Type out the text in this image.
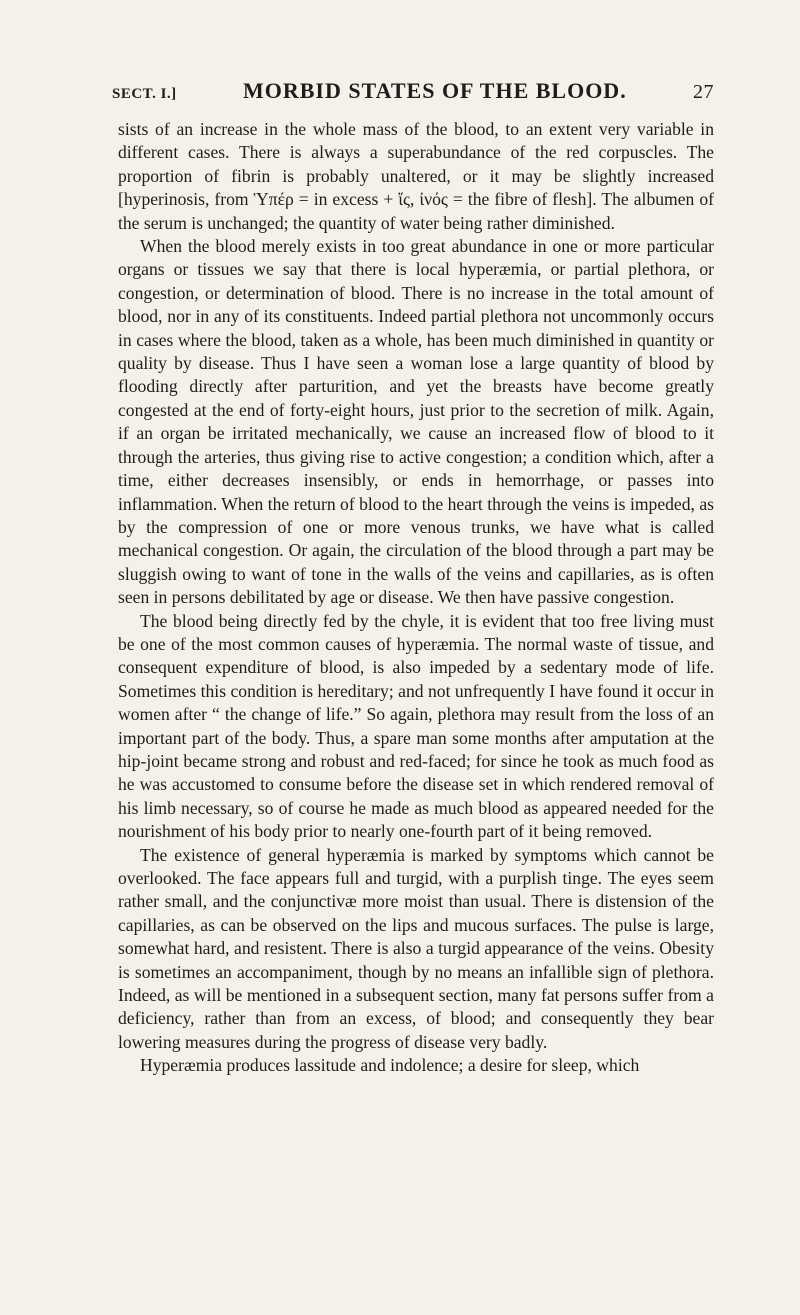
SECT. I.]	MORBID STATES OF THE BLOOD.	27

sists of an increase in the whole mass of the blood, to an extent very variable in different cases. There is always a superabundance of the red corpuscles. The proportion of fibrin is probably unaltered, or it may be slightly increased [hyperinosis, from Ὑπέρ = in excess + ἴς, ἰνός = the fibre of flesh]. The albumen of the serum is unchanged; the quantity of water being rather diminished.

When the blood merely exists in too great abundance in one or more particular organs or tissues we say that there is local hyperæmia, or partial plethora, or congestion, or determination of blood. There is no increase in the total amount of blood, nor in any of its constituents. Indeed partial plethora not uncommonly occurs in cases where the blood, taken as a whole, has been much diminished in quantity or quality by disease. Thus I have seen a woman lose a large quantity of blood by flooding directly after parturition, and yet the breasts have become greatly congested at the end of forty-eight hours, just prior to the secretion of milk. Again, if an organ be irritated mechanically, we cause an increased flow of blood to it through the arteries, thus giving rise to active congestion; a condition which, after a time, either decreases insensibly, or ends in hemorrhage, or passes into inflammation. When the return of blood to the heart through the veins is impeded, as by the compression of one or more venous trunks, we have what is called mechanical congestion. Or again, the circulation of the blood through a part may be sluggish owing to want of tone in the walls of the veins and capillaries, as is often seen in persons debilitated by age or disease. We then have passive congestion.

The blood being directly fed by the chyle, it is evident that too free living must be one of the most common causes of hyperæmia. The normal waste of tissue, and consequent expenditure of blood, is also impeded by a sedentary mode of life. Sometimes this condition is hereditary; and not unfrequently I have found it occur in women after “ the change of life.” So again, plethora may result from the loss of an important part of the body. Thus, a spare man some months after amputation at the hip-joint became strong and robust and red-faced; for since he took as much food as he was accustomed to consume before the disease set in which rendered removal of his limb necessary, so of course he made as much blood as appeared needed for the nourishment of his body prior to nearly one-fourth part of it being removed.

The existence of general hyperæmia is marked by symptoms which cannot be overlooked. The face appears full and turgid, with a purplish tinge. The eyes seem rather small, and the conjunctivæ more moist than usual. There is distension of the capillaries, as can be observed on the lips and mucous surfaces. The pulse is large, somewhat hard, and resistent. There is also a turgid appearance of the veins. Obesity is sometimes an accompaniment, though by no means an infallible sign of plethora. Indeed, as will be mentioned in a subsequent section, many fat persons suffer from a deficiency, rather than from an excess, of blood; and consequently they bear lowering measures during the progress of disease very badly.

Hyperæmia produces lassitude and indolence; a desire for sleep, which
